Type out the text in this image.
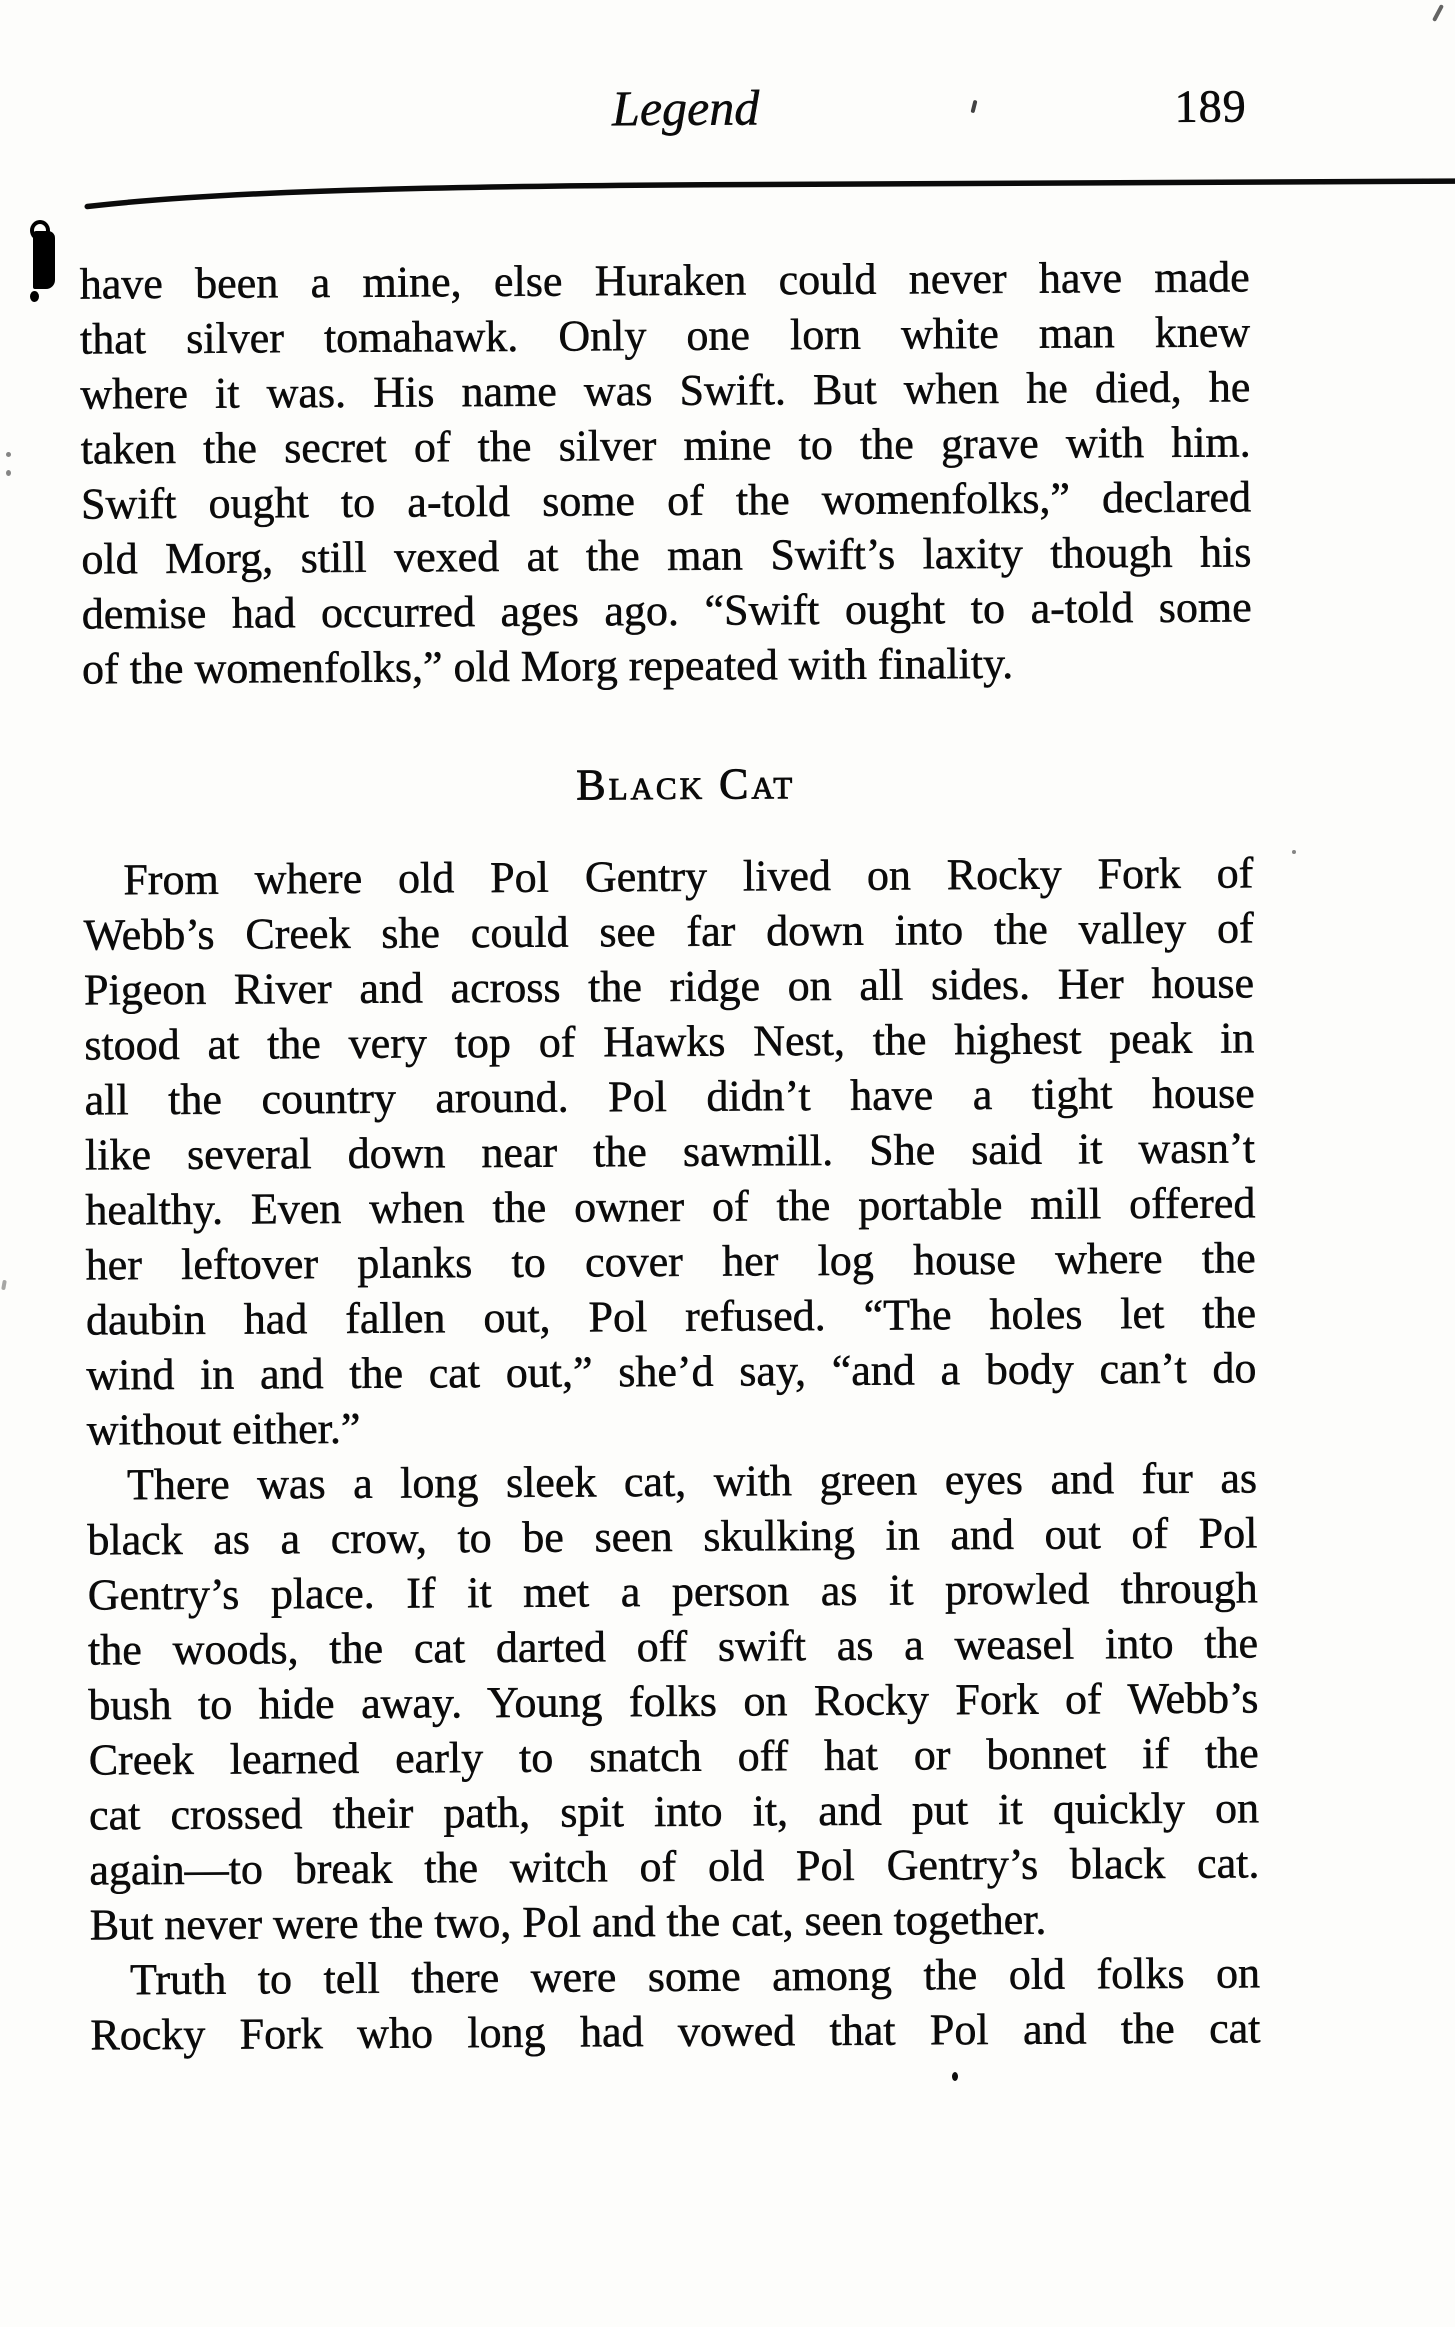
Legend	189
have been a mine, else Huraken could never have made
that silver tomahawk. Only one lorn white man knew
where it was. His name was Swift. But when he died, he
taken the secret of the silver mine to the grave with him.
Swift ought to a-told some of the womenfolks,” declared
old Morg, still vexed at the man Swift’s laxity though his
demise had occurred ages ago. “Swift ought to a-told some
of the womenfolks,” old Morg repeated with finality.
Black Cat
From where old Pol Gentry lived on Rocky Fork of
Webb’s Creek she could see far down into the valley of
Pigeon River and across the ridge on all sides. Her house
stood at the very top of Hawks Nest, the highest peak in
all the country around. Pol didn’t have a tight house
like several down near the sawmill. She said it wasn’t
healthy. Even when the owner of the portable mill offered
her leftover planks to cover her log house where the
daubin had fallen out, Pol refused. “The holes let the
wind in and the cat out,” she’d say, “and a body can’t do
without either.”
There was a long sleek cat, with green eyes and fur as
black as a crow, to be seen skulking in and out of Pol
Gentry’s place. If it met a person as it prowled through
the woods, the cat darted off swift as a weasel into the
bush to hide away. Young folks on Rocky Fork of Webb’s
Creek learned early to snatch off hat or bonnet if the
cat crossed their path, spit into it, and put it quickly on
again—to break the witch of old Pol Gentry’s black cat.
But never were the two, Pol and the cat, seen together.
Truth to tell there were some among the old folks on
Rocky Fork who long had vowed that Pol and the cat
